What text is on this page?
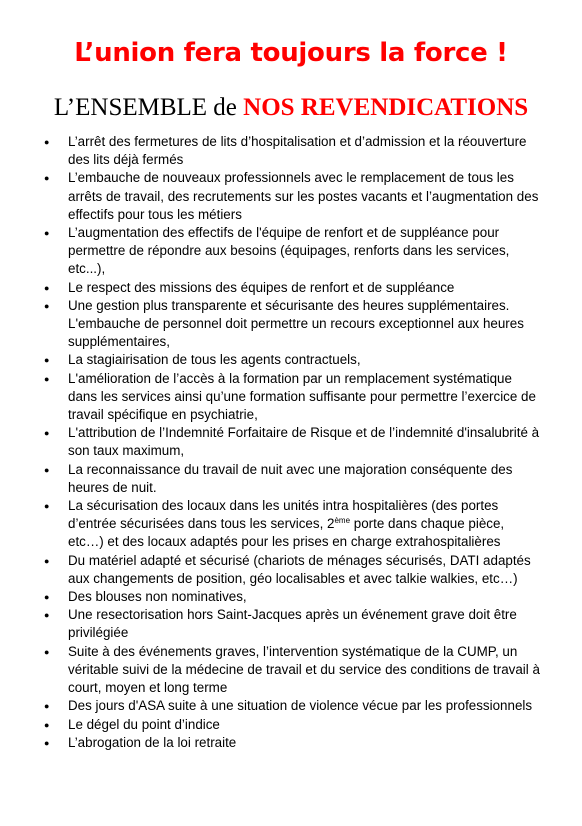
L’union fera toujours la force !
L’ENSEMBLE de NOS REVENDICATIONS
● L’arrêt des fermetures de lits d’hospitalisation et d’admission et la réouverture des lits déjà fermés
● L’embauche de nouveaux professionnels avec le remplacement de tous les arrêts de travail, des recrutements sur les postes vacants et l’augmentation des effectifs pour tous les métiers
● L’augmentation des effectifs de l'équipe de renfort et de suppléance pour permettre de répondre aux besoins (équipages, renforts dans les services, etc...),
● Le respect des missions des équipes de renfort et de suppléance
● Une gestion plus transparente et sécurisante des heures supplémentaires. L'embauche de personnel doit permettre un recours exceptionnel aux heures supplémentaires,
● La stagiairisation de tous les agents contractuels,
● L'amélioration de l’accès à la formation par un remplacement systématique dans les services ainsi qu’une formation suffisante pour permettre l’exercice de travail spécifique en psychiatrie,
● L'attribution de l’Indemnité Forfaitaire de Risque et de l’indemnité d'insalubrité à son taux maximum,
● La reconnaissance du travail de nuit avec une majoration conséquente des heures de nuit.
● La sécurisation des locaux dans les unités intra hospitalières (des portes d’entrée sécurisées dans tous les services, 2ème porte dans chaque pièce, etc…) et des locaux adaptés pour les prises en charge extrahospitalières
● Du matériel adapté et sécurisé (chariots de ménages sécurisés, DATI adaptés aux changements de position, géo localisables et avec talkie walkies, etc…)
● Des blouses non nominatives,
● Une resectorisation hors Saint-Jacques après un événement grave doit être privilégiée
● Suite à des événements graves, l’intervention systématique de la CUMP, un véritable suivi de la médecine de travail et du service des conditions de travail à court, moyen et long terme
● Des jours d'ASA suite à une situation de violence vécue par les professionnels
● Le dégel du point d’indice
● L’abrogation de la loi retraite
